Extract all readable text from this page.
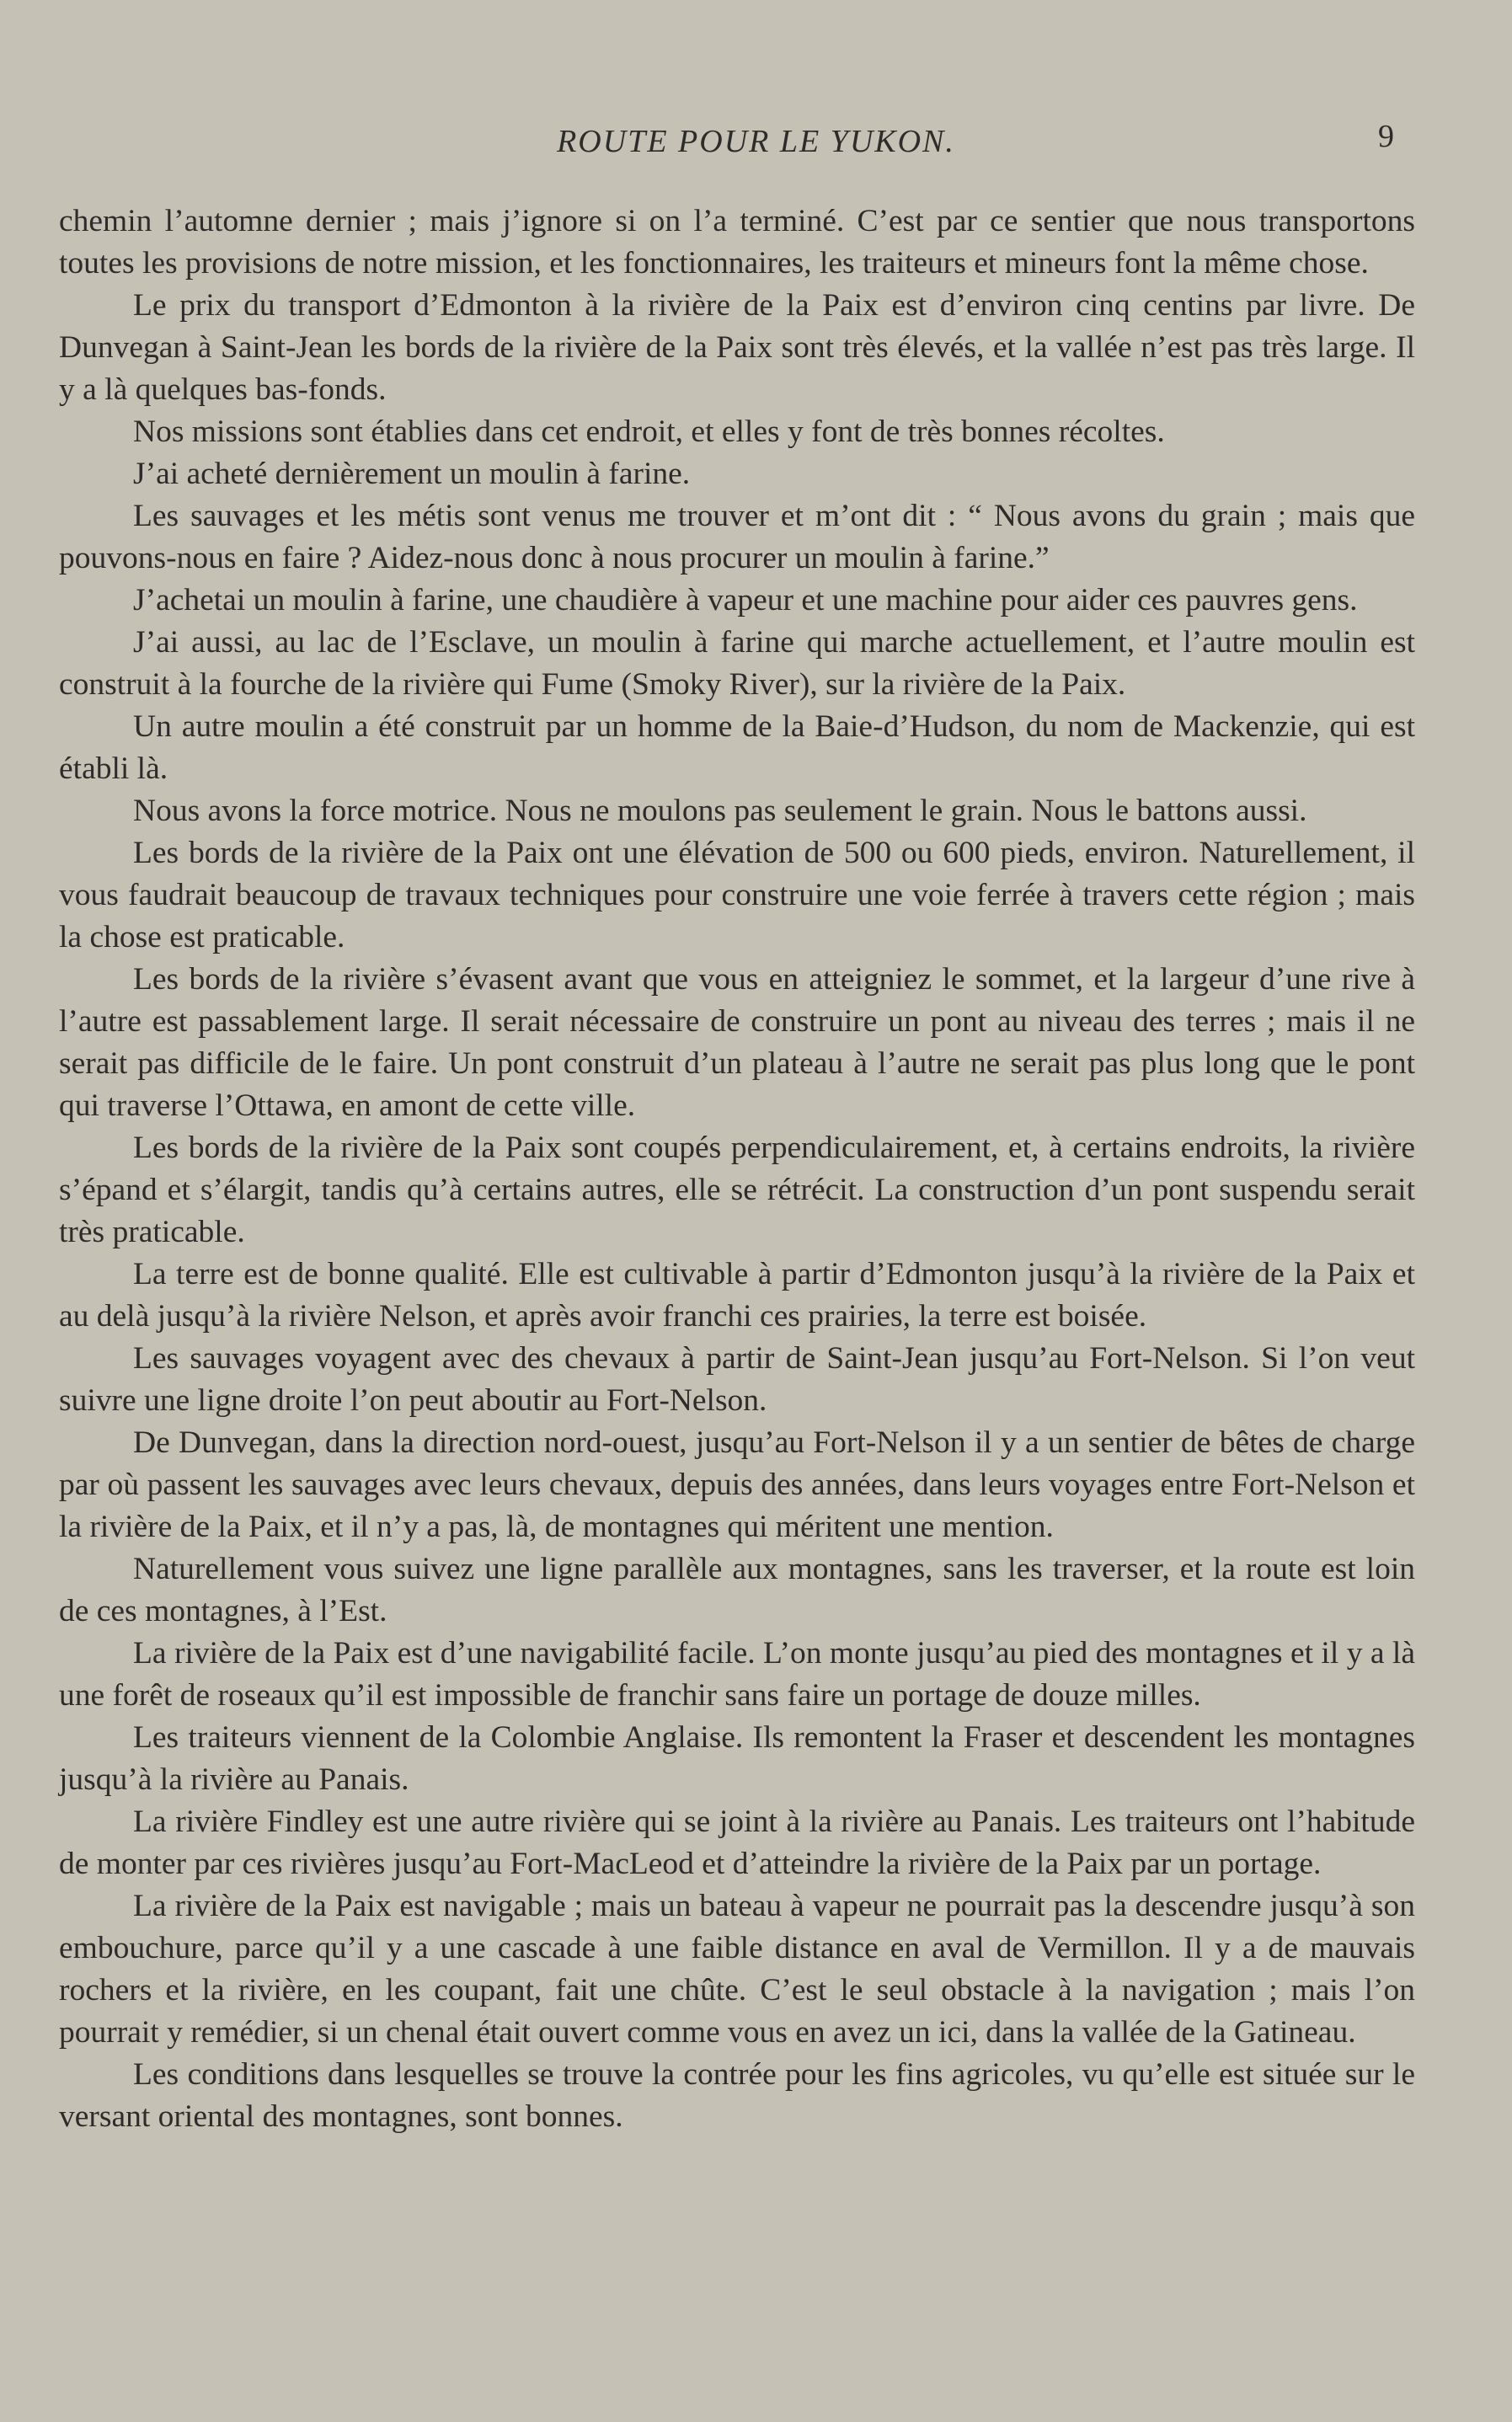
ROUTE POUR LE YUKON.	9

chemin l’automne dernier ; mais j’ignore si on l’a terminé. C’est par ce sentier que nous transportons toutes les provisions de notre mission, et les fonctionnaires, les traiteurs et mineurs font la même chose.

Le prix du transport d’Edmonton à la rivière de la Paix est d’environ cinq centins par livre. De Dunvegan à Saint-Jean les bords de la rivière de la Paix sont très élevés, et la vallée n’est pas très large. Il y a là quelques bas-fonds.

Nos missions sont établies dans cet endroit, et elles y font de très bonnes récoltes.

J’ai acheté dernièrement un moulin à farine.

Les sauvages et les métis sont venus me trouver et m’ont dit : “ Nous avons du grain ; mais que pouvons-nous en faire ? Aidez-nous donc à nous procurer un moulin à farine.”

J’achetai un moulin à farine, une chaudière à vapeur et une machine pour aider ces pauvres gens.

J’ai aussi, au lac de l’Esclave, un moulin à farine qui marche actuellement, et l’autre moulin est construit à la fourche de la rivière qui Fume (Smoky River), sur la rivière de la Paix.

Un autre moulin a été construit par un homme de la Baie-d’Hudson, du nom de Mackenzie, qui est établi là.

Nous avons la force motrice. Nous ne moulons pas seulement le grain. Nous le battons aussi.

Les bords de la rivière de la Paix ont une élévation de 500 ou 600 pieds, environ. Naturellement, il vous faudrait beaucoup de travaux techniques pour construire une voie ferrée à travers cette région ; mais la chose est praticable.

Les bords de la rivière s’évasent avant que vous en atteigniez le sommet, et la largeur d’une rive à l’autre est passablement large. Il serait nécessaire de construire un pont au niveau des terres ; mais il ne serait pas difficile de le faire. Un pont construit d’un plateau à l’autre ne serait pas plus long que le pont qui traverse l’Ottawa, en amont de cette ville.

Les bords de la rivière de la Paix sont coupés perpendiculairement, et, à certains endroits, la rivière s’épand et s’élargit, tandis qu’à certains autres, elle se rétrécit. La construction d’un pont suspendu serait très praticable.

La terre est de bonne qualité. Elle est cultivable à partir d’Edmonton jusqu’à la rivière de la Paix et au delà jusqu’à la rivière Nelson, et après avoir franchi ces prairies, la terre est boisée.

Les sauvages voyagent avec des chevaux à partir de Saint-Jean jusqu’au Fort-Nelson. Si l’on veut suivre une ligne droite l’on peut aboutir au Fort-Nelson.

De Dunvegan, dans la direction nord-ouest, jusqu’au Fort-Nelson il y a un sentier de bêtes de charge par où passent les sauvages avec leurs chevaux, depuis des années, dans leurs voyages entre Fort-Nelson et la rivière de la Paix, et il n’y a pas, là, de montagnes qui méritent une mention.

Naturellement vous suivez une ligne parallèle aux montagnes, sans les traverser, et la route est loin de ces montagnes, à l’Est.

La rivière de la Paix est d’une navigabilité facile. L’on monte jusqu’au pied des montagnes et il y a là une forêt de roseaux qu’il est impossible de franchir sans faire un portage de douze milles.

Les traiteurs viennent de la Colombie Anglaise. Ils remontent la Fraser et descendent les montagnes jusqu’à la rivière au Panais.

La rivière Findley est une autre rivière qui se joint à la rivière au Panais. Les traiteurs ont l’habitude de monter par ces rivières jusqu’au Fort-MacLeod et d’atteindre la rivière de la Paix par un portage.

La rivière de la Paix est navigable ; mais un bateau à vapeur ne pourrait pas la descendre jusqu’à son embouchure, parce qu’il y a une cascade à une faible distance en aval de Vermillon. Il y a de mauvais rochers et la rivière, en les coupant, fait une chûte. C’est le seul obstacle à la navigation ; mais l’on pourrait y remédier, si un chenal était ouvert comme vous en avez un ici, dans la vallée de la Gatineau.

Les conditions dans lesquelles se trouve la contrée pour les fins agricoles, vu qu’elle est située sur le versant oriental des montagnes, sont bonnes.
